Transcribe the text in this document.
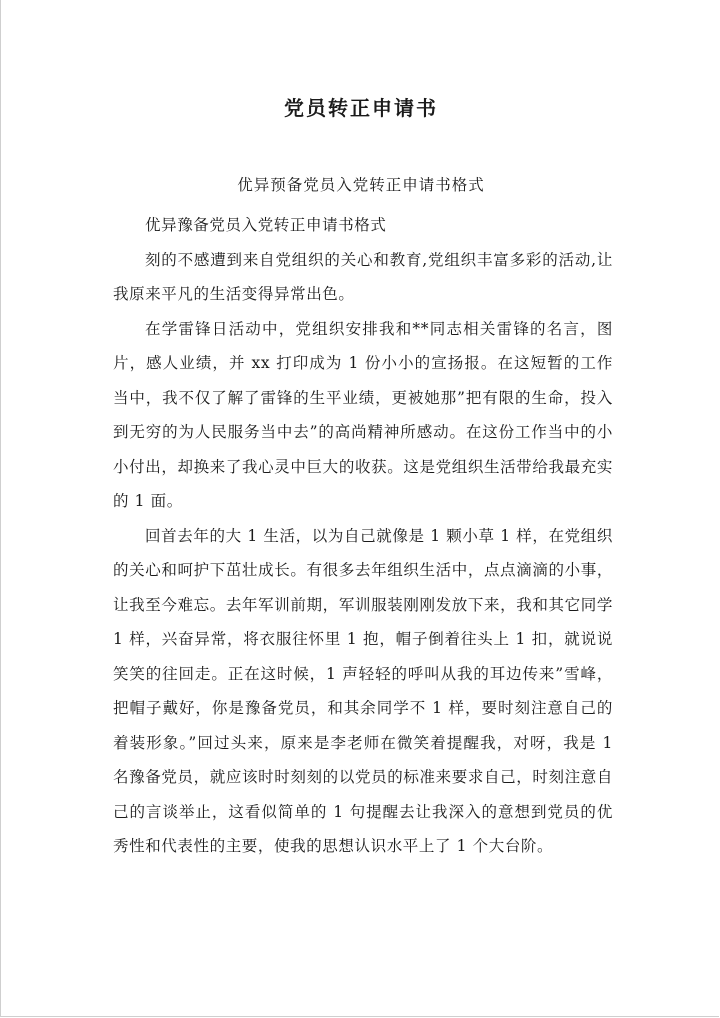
党员转正申请书
优异预备党员入党转正申请书格式

优异豫备党员入党转正申请书格式

刻的不感遭到来自党组织的关心和教育,党组织丰富多彩的活动,让我原来平凡的生活变得异常出色。

在学雷锋日活动中，党组织安排我和**同志相关雷锋的名言，图片，感人业绩，并 xx 打印成为 1 份小小的宣扬报。在这短暂的工作当中，我不仅了解了雷锋的生平业绩，更被她那”把有限的生命，投入到无穷的为人民服务当中去”的高尚精神所感动。在这份工作当中的小小付出，却换来了我心灵中巨大的收获。这是党组织生活带给我最充实的 1 面。

回首去年的大 1 生活，以为自己就像是 1 颗小草 1 样，在党组织的关心和呵护下茁壮成长。有很多去年组织生活中，点点滴滴的小事，让我至今难忘。去年军训前期，军训服装刚刚发放下来，我和其它同学 1 样，兴奋异常，将衣服往怀里 1 抱，帽子倒着往头上 1 扣，就说说笑笑的往回走。正在这时候，1 声轻轻的呼叫从我的耳边传来”雪峰，把帽子戴好，你是豫备党员，和其余同学不 1 样，要时刻注意自己的着装形象。”回过头来，原来是李老师在微笑着提醒我，对呀，我是 1 名豫备党员，就应该时时刻刻的以党员的标准来要求自己，时刻注意自己的言谈举止，这看似简单的 1 句提醒去让我深入的意想到党员的优秀性和代表性的主要，使我的思想认识水平上了 1 个大台阶。
